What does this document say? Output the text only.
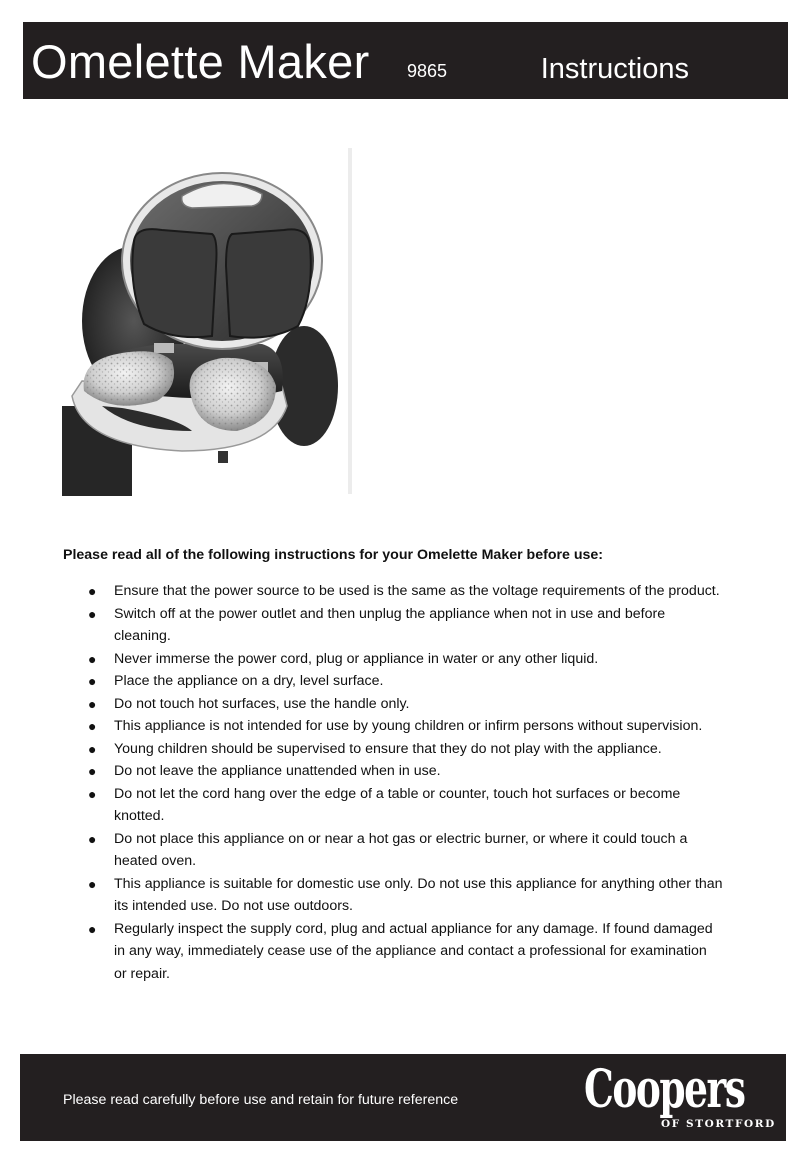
Omelette Maker 9865	Instructions
Please read all of the following instructions for your Omelette Maker before use:
● Ensure that the power source to be used is the same as the voltage requirements of the product.
● Switch off at the power outlet and then unplug the appliance when not in use and before cleaning.
● Never immerse the power cord, plug or appliance in water or any other liquid.
● Place the appliance on a dry, level surface.
● Do not touch hot surfaces, use the handle only.
● This appliance is not intended for use by young children or infirm persons without supervision.
● Young children should be supervised to ensure that they do not play with the appliance.
● Do not leave the appliance unattended when in use.
● Do not let the cord hang over the edge of a table or counter, touch hot surfaces or become knotted.
● Do not place this appliance on or near a hot gas or electric burner, or where it could touch a heated oven.
● This appliance is suitable for domestic use only. Do not use this appliance for anything other than its intended use. Do not use outdoors.
● Regularly inspect the supply cord, plug and actual appliance for any damage. If found damaged in any way, immediately cease use of the appliance and contact a professional for examination or repair.
Please read carefully before use and retain for future reference Coopers
OF STORTFORD
